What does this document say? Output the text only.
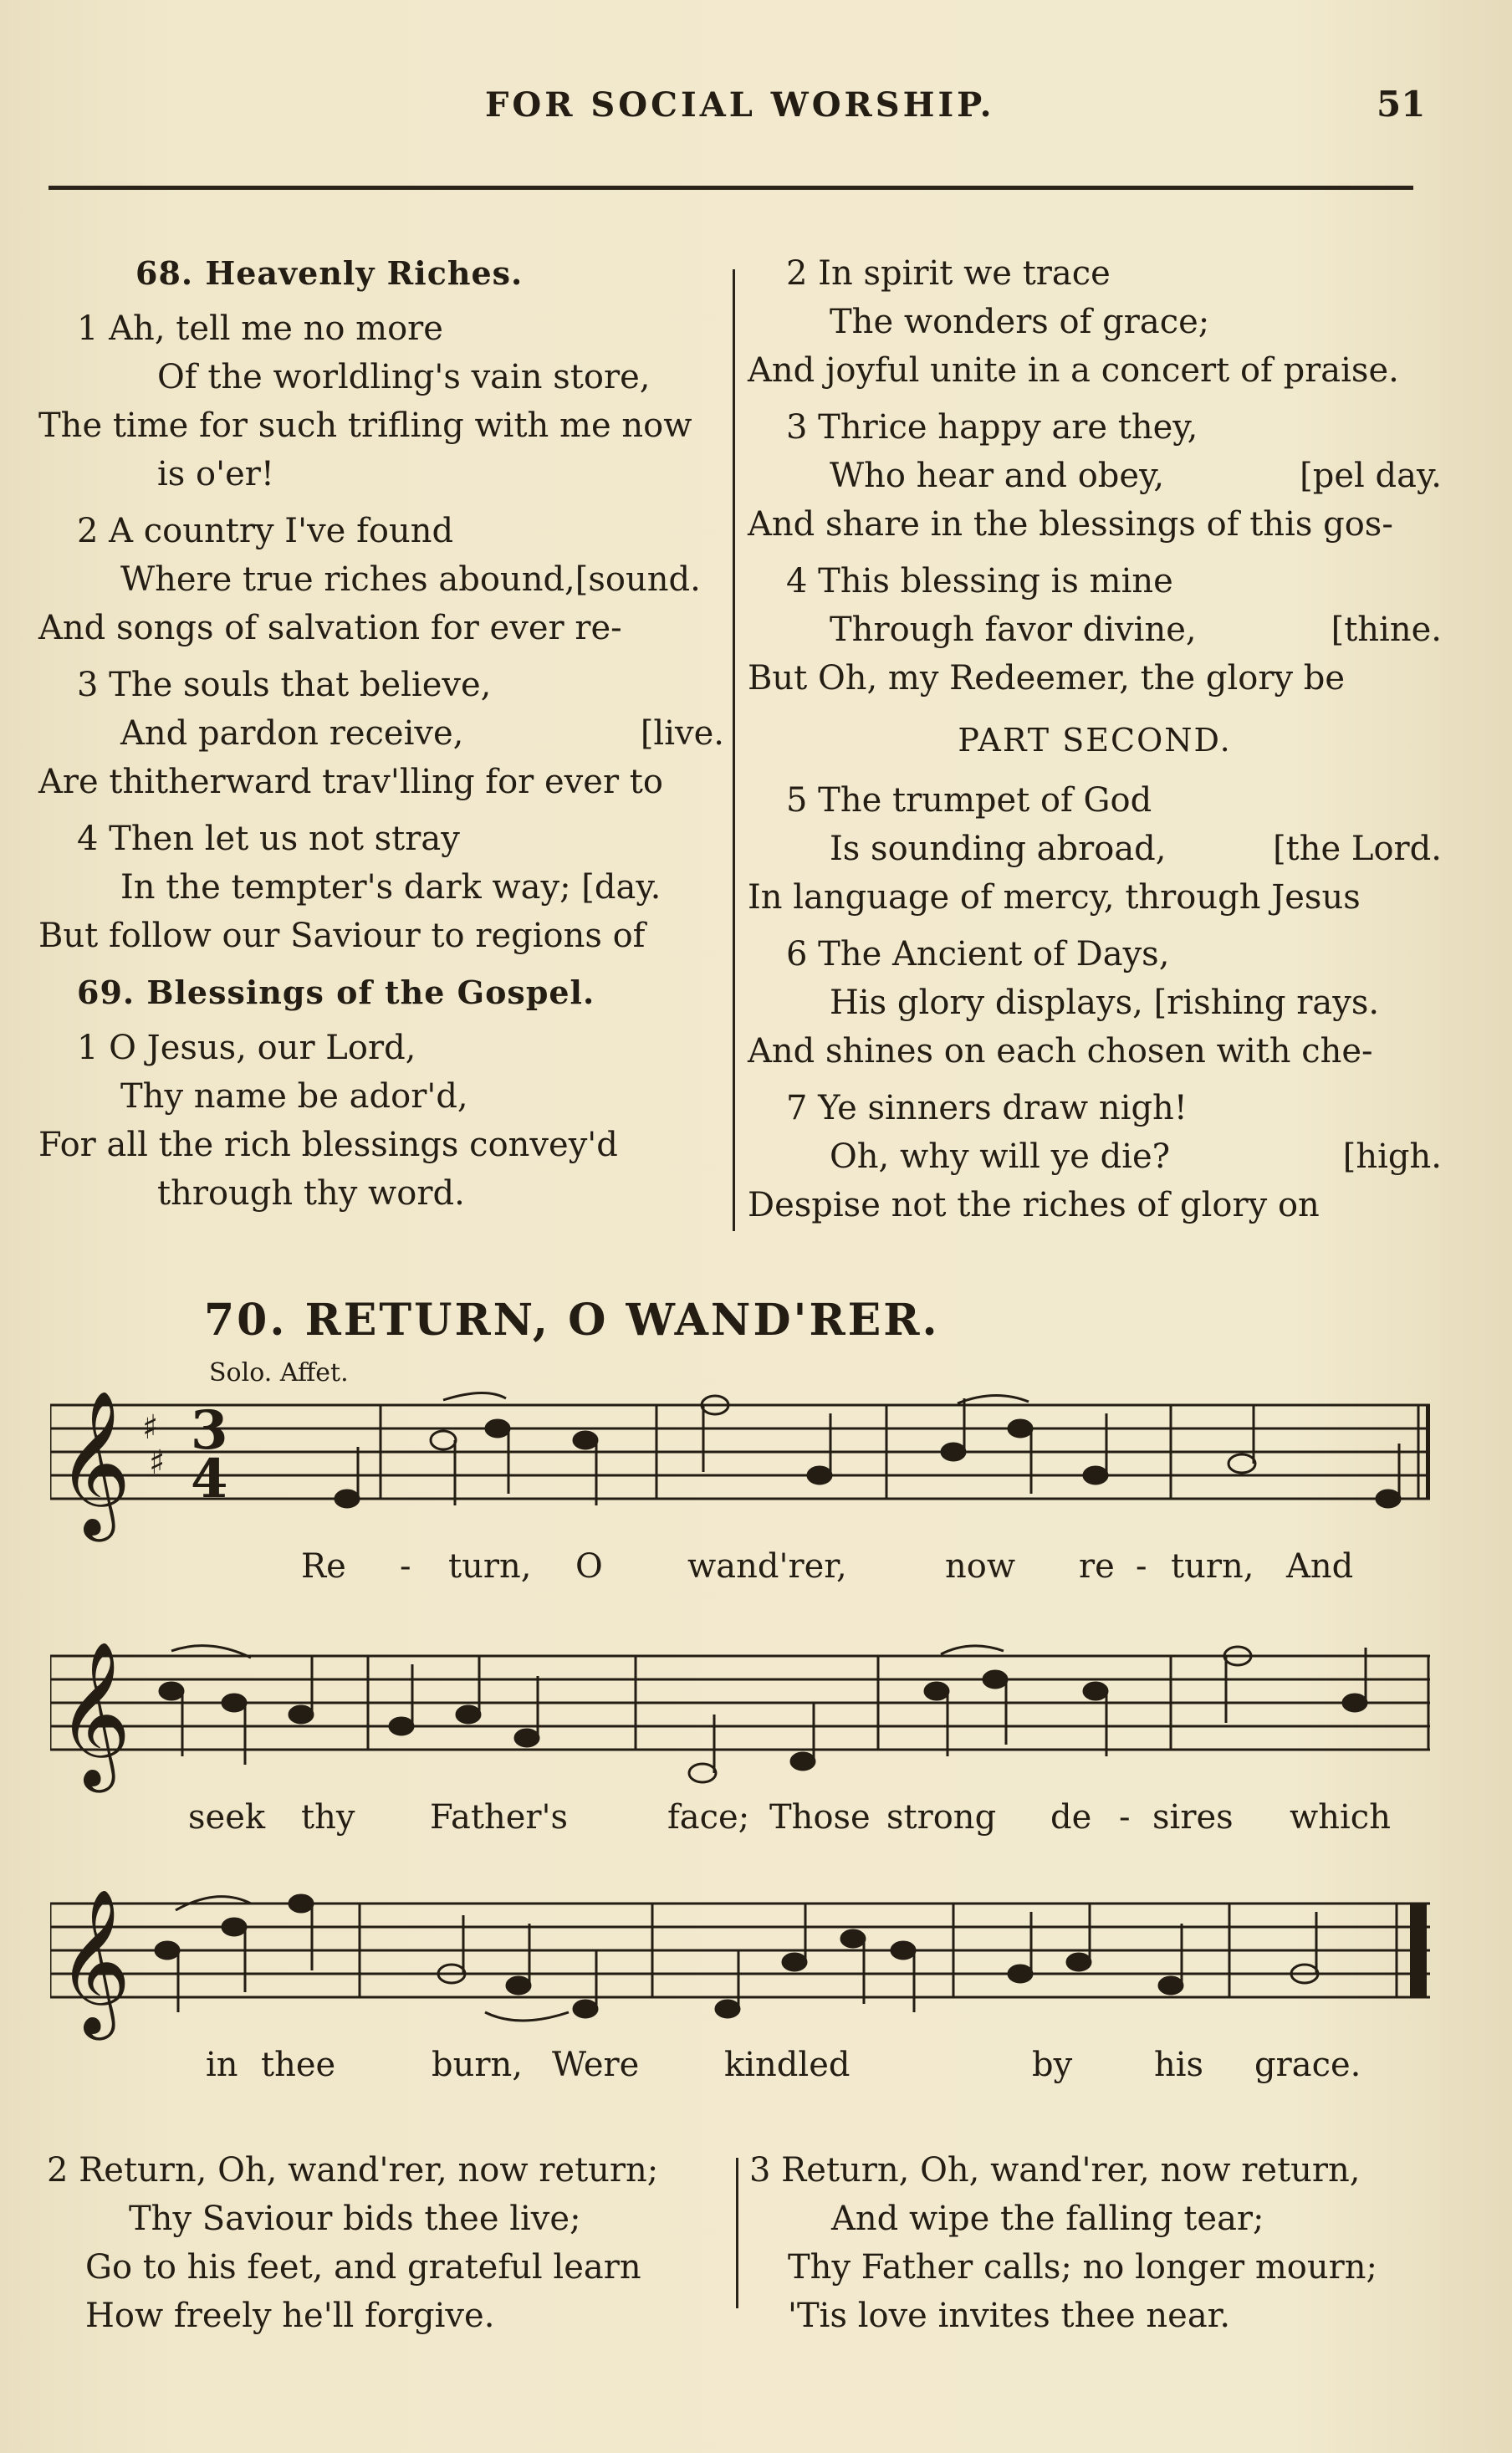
FOR SOCIAL WORSHIP.	51
68. Heavenly Riches.
1 Ah, tell me no more
Of the worldling's vain store,
The time for such trifling with me now
is o'er!
2 A country I've found
Where true riches abound,[sound.
And songs of salvation for ever re-
3 The souls that believe,
And pardon receive,	[live.
Are thitherward trav'lling for ever to
4 Then let us not stray
In the tempter's dark way; [day.
But follow our Saviour to regions of
69. Blessings of the Gospel.
1 O Jesus, our Lord,
Thy name be ador'd,
For all the rich blessings convey'd
through thy word.
2 In spirit we trace
The wonders of grace;
And joyful unite in a concert of praise.
3 Thrice happy are they,
Who hear and obey,	[pel day.
And share in the blessings of this gos-
4 This blessing is mine
Through favor divine,	[thine.
But Oh, my Redeemer, the glory be
PART SECOND.
5 The trumpet of God
Is sounding abroad,	[the Lord.
In language of mercy, through Jesus
6 The Ancient of Days,
His glory displays, [rishing rays.
And shines on each chosen with che-
7 Ye sinners draw nigh!
Oh, why will ye die?	[high.
Despise not the riches of glory on
70. RETURN, O WAND'RER.
Solo. Affet.
𝄞 ♯
♯
3
4
Re - turn, O	wand'rer,	now re - turn, And
𝄞
seek thy Father's	face; Those strong de - sires which
𝄞
in thee	burn, Were	kindled	by his grace.
2 Return, Oh, wand'rer, now return;
Thy Saviour bids thee live;
Go to his feet, and grateful learn
How freely he'll forgive.
3 Return, Oh, wand'rer, now return,
And wipe the falling tear;
Thy Father calls; no longer mourn;
'Tis love invites thee near.
